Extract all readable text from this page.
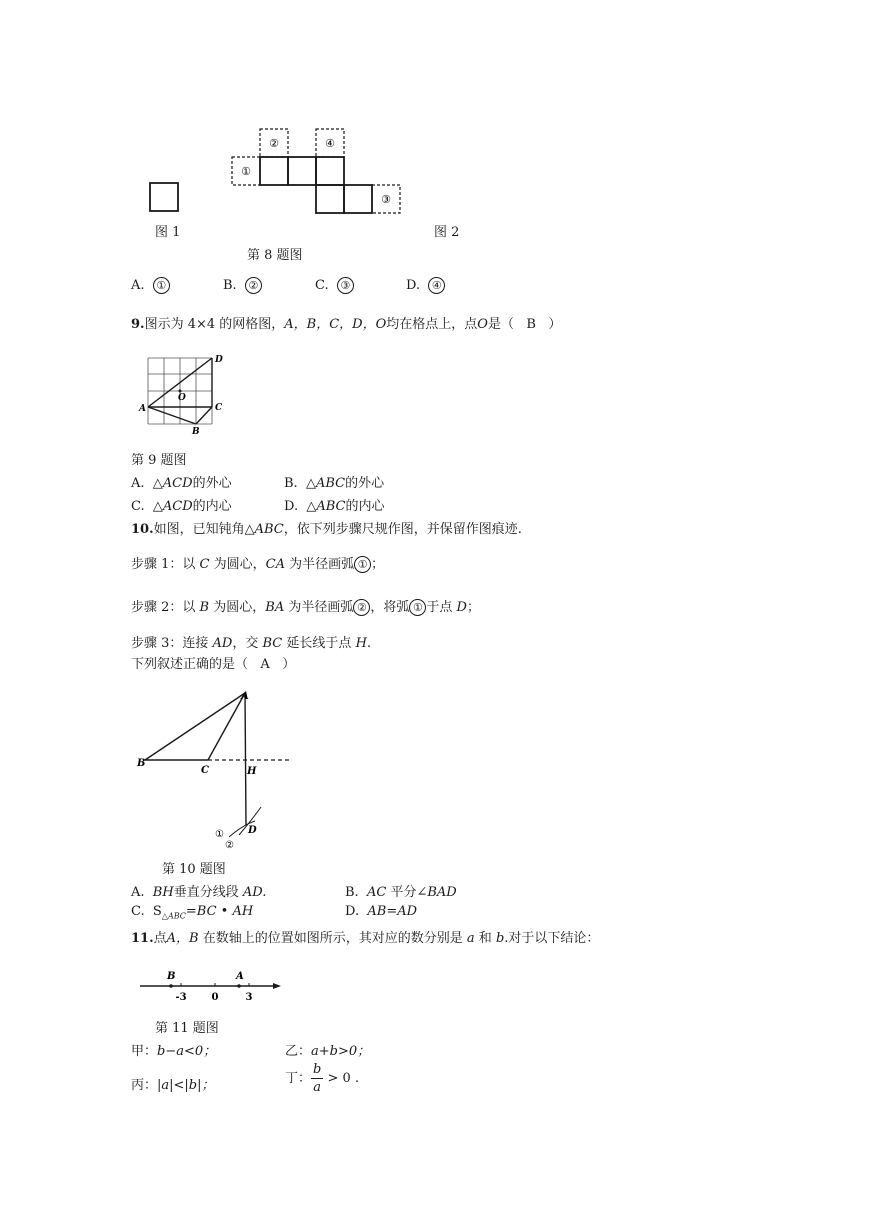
①
②	④
③
图 1	图 2
第 8 题图
A. ①	B. ②	C. ③	D. ④
9.图示为 4×4 的网格图，A，B，C，D，O均在格点上，点O是（ B ）
A
B
C
D
O
第 9 题图
A. △ACD的外心	B. △ABC的外心
C. △ACD的内心	D. △ABC的内心
10.如图，已知钝角△ABC，依下列步骤尺规作图，并保留作图痕迹.
步骤 1：以 C 为圆心，CA 为半径画弧 ① ；
步骤 2：以 B 为圆心，BA 为半径画弧 ② ，将弧 ① 于点 D；
步骤 3：连接 AD，交 BC 延长线于点 H.
下列叙述正确的是（ A ）
A
B
C	H
D
①
②
第 10 题图
A. BH垂直分线段 AD.	B. AC 平分∠BAD
C. $S_{\triangle ABC}=BC$ • AH	D. AB=AD
11.点A，B 在数轴上的位置如图所示，其对应的数分别是 a 和 b.对于以下结论：
B	A
-3 0	3
第 11 题图
甲：b−a<0；	乙：a+b>0；
丙：|a|<|b|；	丁： $\frac{b}{a} > 0$ .
